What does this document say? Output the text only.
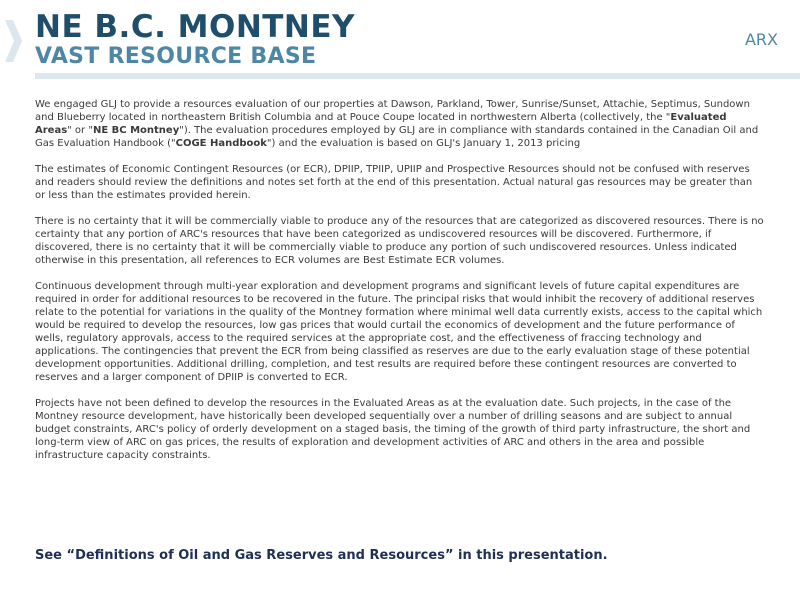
NE B.C. MONTNEY
VAST RESOURCE BASE
ARX

We engaged GLJ to provide a resources evaluation of our properties at Dawson, Parkland, Tower, Sunrise/Sunset, Attachie, Septimus, Sundown and Blueberry located in northeastern British Columbia and at Pouce Coupe located in northwestern Alberta (collectively, the "Evaluated Areas" or "NE BC Montney"). The evaluation procedures employed by GLJ are in compliance with standards contained in the Canadian Oil and Gas Evaluation Handbook ("COGE Handbook") and the evaluation is based on GLJ's January 1, 2013 pricing

The estimates of Economic Contingent Resources (or ECR), DPIIP, TPIIP, UPIIP and Prospective Resources should not be confused with reserves and readers should review the definitions and notes set forth at the end of this presentation. Actual natural gas resources may be greater than or less than the estimates provided herein.

There is no certainty that it will be commercially viable to produce any of the resources that are categorized as discovered resources. There is no certainty that any portion of ARC's resources that have been categorized as undiscovered resources will be discovered. Furthermore, if discovered, there is no certainty that it will be commercially viable to produce any portion of such undiscovered resources. Unless indicated otherwise in this presentation, all references to ECR volumes are Best Estimate ECR volumes.

Continuous development through multi-year exploration and development programs and significant levels of future capital expenditures are required in order for additional resources to be recovered in the future. The principal risks that would inhibit the recovery of additional reserves relate to the potential for variations in the quality of the Montney formation where minimal well data currently exists, access to the capital which would be required to develop the resources, low gas prices that would curtail the economics of development and the future performance of wells, regulatory approvals, access to the required services at the appropriate cost, and the effectiveness of fraccing technology and applications. The contingencies that prevent the ECR from being classified as reserves are due to the early evaluation stage of these potential development opportunities. Additional drilling, completion, and test results are required before these contingent resources are converted to reserves and a larger component of DPIIP is converted to ECR.

Projects have not been defined to develop the resources in the Evaluated Areas as at the evaluation date. Such projects, in the case of the Montney resource development, have historically been developed sequentially over a number of drilling seasons and are subject to annual budget constraints, ARC's policy of orderly development on a staged basis, the timing of the growth of third party infrastructure, the short and long-term view of ARC on gas prices, the results of exploration and development activities of ARC and others in the area and possible infrastructure capacity constraints.

See “Definitions of Oil and Gas Reserves and Resources” in this presentation.
